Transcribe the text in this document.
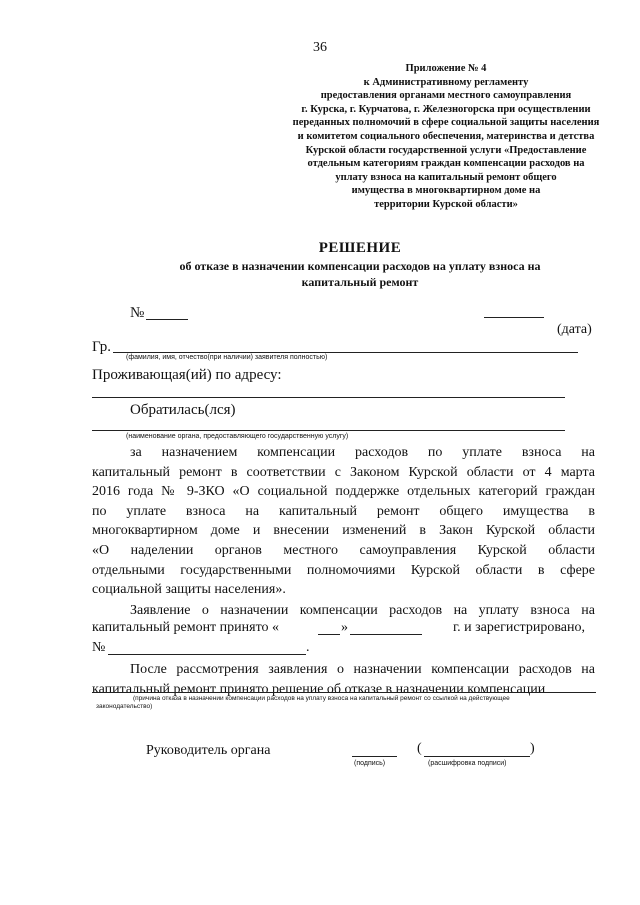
36
Приложение № 4
к Административному регламенту
предоставления органами местного самоуправления
г. Курска, г. Курчатова, г. Железногорска при осуществлении
переданных полномочий в сфере социальной защиты населения
и комитетом социального обеспечения, материнства и детства
Курской области государственной услуги «Предоставление
отдельным категориям граждан компенсации расходов на
уплату взноса на капитальный ремонт общего
имущества в многоквартирном доме на
территории Курской области»
РЕШЕНИЕ
об отказе в назначении компенсации расходов на уплату взноса на
капитальный ремонт
№
(дата)
Гр.
(фамилия, имя, отчество(при наличии) заявителя полностью)
Проживающая(ий) по адресу:
Обратилась(лся)
(наименование органа, предоставляющего государственную услугу)
за назначением компенсации расходов по уплате взноса на
капитальный ремонт в соответствии с Законом Курской области от 4 марта
2016 года № 9-ЗКО «О социальной поддержке отдельных категорий граждан
по уплате взноса на капитальный ремонт общего имущества в
многоквартирном доме и внесении изменений в Закон Курской области
«О наделении органов местного самоуправления Курской области
отдельными государственными полномочиями Курской области в сфере
социальной защиты населения».
Заявление о назначении компенсации расходов на уплату взноса на
капитальный ремонт принято «	»	г. и зарегистрировано,
№	.
После рассмотрения заявления о назначении компенсации расходов на
капитальный ремонт принято решение об отказе в назначении компенсации
(причина отказа в назначении компенсации расходов на уплату взноса на капитальный ремонт со ссылкой на действующее
законодательство)
Руководитель органа	(	)
(подпись)	(расшифровка подписи)
